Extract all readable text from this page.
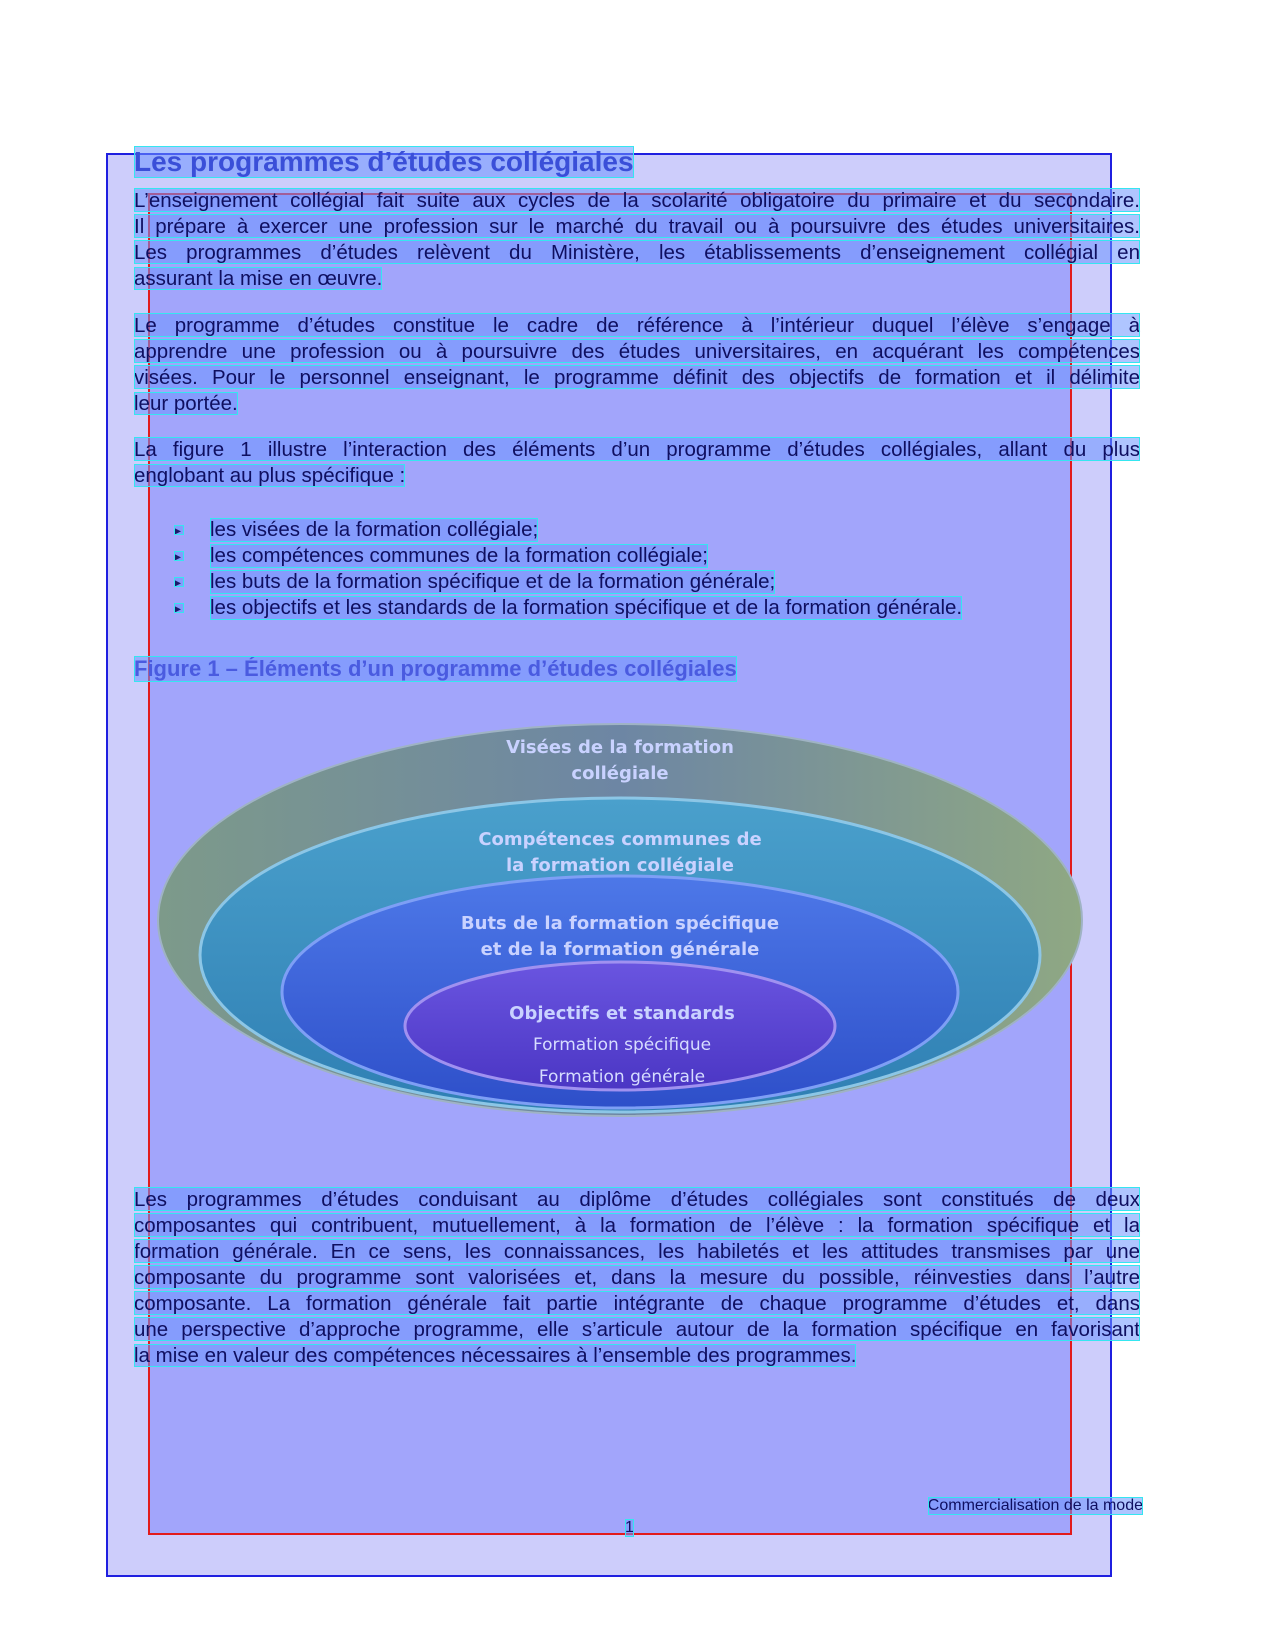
Les programmes d’études collégiales
L’enseignement collégial fait suite aux cycles de la scolarité obligatoire du primaire et du secondaire.
Il prépare à exercer une profession sur le marché du travail ou à poursuivre des études universitaires.
Les programmes d’études relèvent du Ministère, les établissements d’enseignement collégial en
assurant la mise en œuvre.
Le programme d’études constitue le cadre de référence à l’intérieur duquel l’élève s’engage à
apprendre une profession ou à poursuivre des études universitaires, en acquérant les compétences
visées. Pour le personnel enseignant, le programme définit des objectifs de formation et il délimite
leur portée.
La figure 1 illustre l’interaction des éléments d’un programme d’études collégiales, allant du plus
englobant au plus spécifique :
▸ les visées de la formation collégiale;
▸ les compétences communes de la formation collégiale;
▸ les buts de la formation spécifique et de la formation générale;
▸ les objectifs et les standards de la formation spécifique et de la formation générale.
Figure 1 – Éléments d’un programme d’études collégiales
Visées de la formation
collégiale
Compétences communes de
la formation collégiale
Buts de la formation spécifique
et de la formation générale
Objectifs et standards
Formation spécifique
Formation générale
Les programmes d’études conduisant au diplôme d’études collégiales sont constitués de deux
composantes qui contribuent, mutuellement, à la formation de l’élève : la formation spécifique et la
formation générale. En ce sens, les connaissances, les habiletés et les attitudes transmises par une
composante du programme sont valorisées et, dans la mesure du possible, réinvesties dans l’autre
composante. La formation générale fait partie intégrante de chaque programme d’études et, dans
une perspective d’approche programme, elle s’articule autour de la formation spécifique en favorisant
la mise en valeur des compétences nécessaires à l’ensemble des programmes.
Commercialisation de la mode
1
